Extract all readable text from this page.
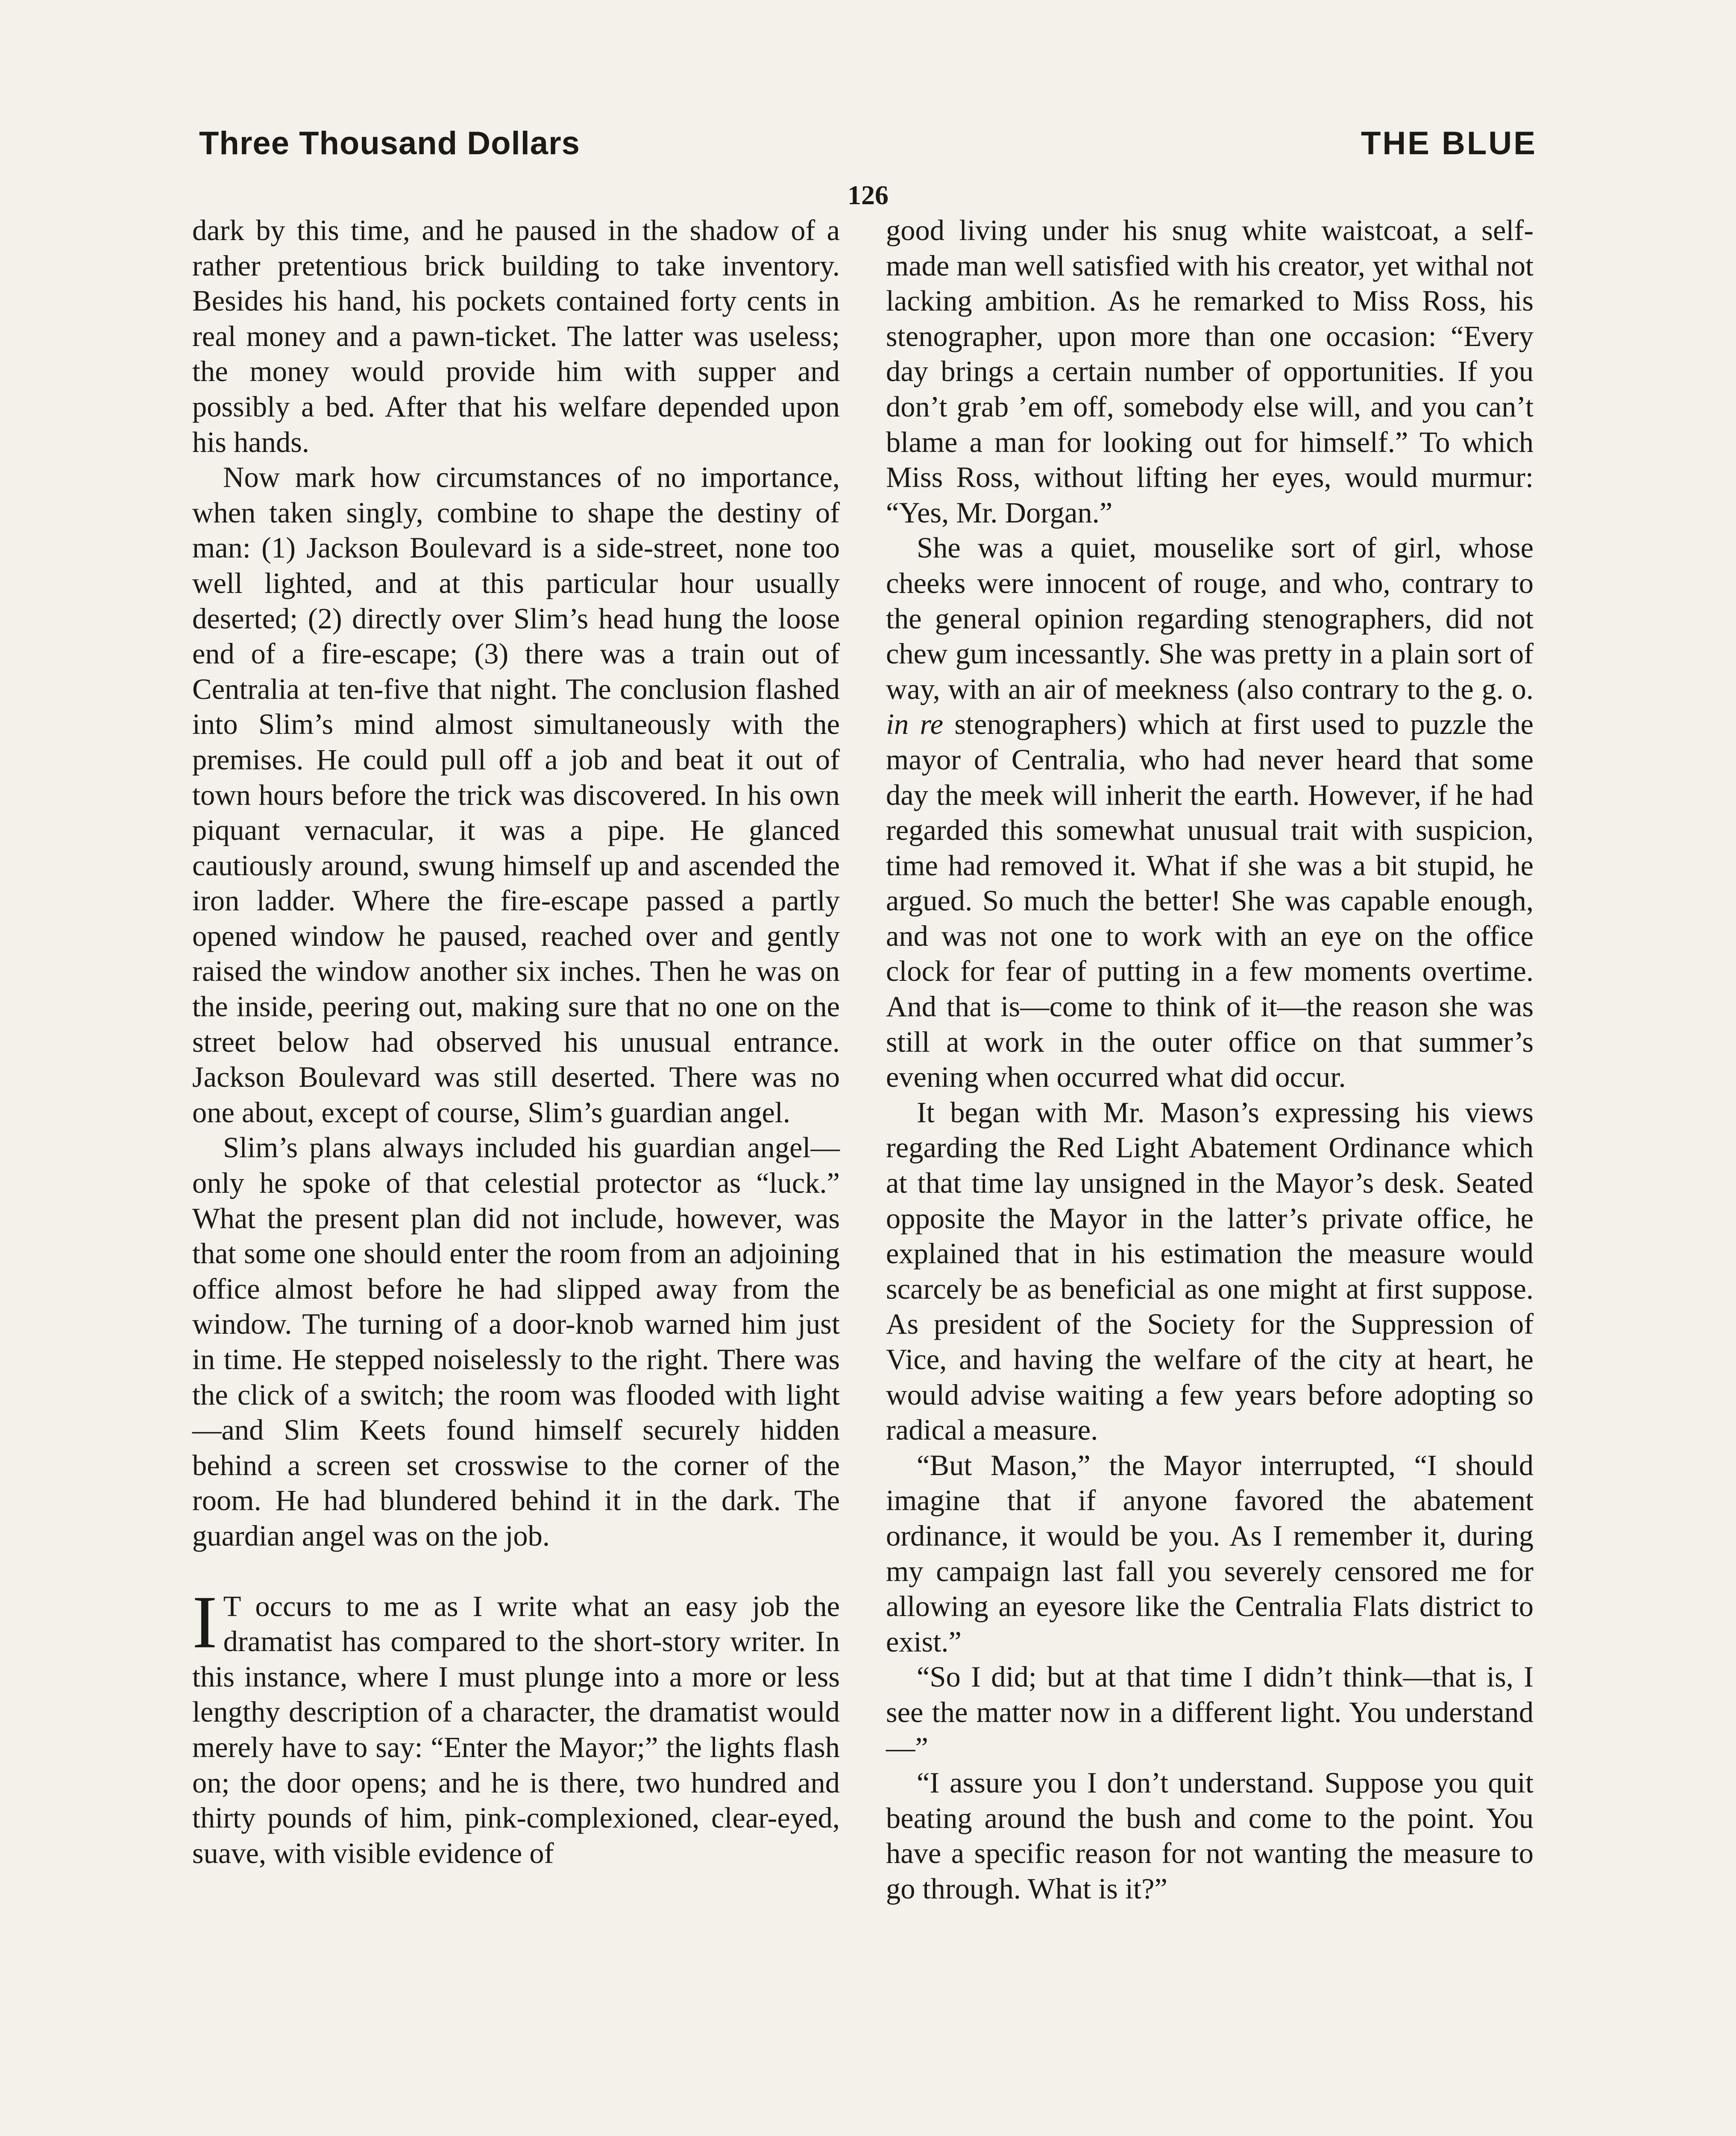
Three Thousand Dollars	THE BLUE
126

dark by this time, and he paused in the shadow of a rather pretentious brick building to take inventory. Besides his hand, his pockets contained forty cents in real money and a pawn-ticket. The latter was useless; the money would provide him with supper and possibly a bed. After that his welfare depended upon his hands.

Now mark how circumstances of no importance, when taken singly, combine to shape the destiny of man: (1) Jackson Boulevard is a side-street, none too well lighted, and at this particular hour usually deserted; (2) directly over Slim’s head hung the loose end of a fire-escape; (3) there was a train out of Centralia at ten-five that night. The conclusion flashed into Slim’s mind almost simultaneously with the premises. He could pull off a job and beat it out of town hours before the trick was discovered. In his own piquant vernacular, it was a pipe. He glanced cautiously around, swung himself up and ascended the iron ladder. Where the fire-escape passed a partly opened window he paused, reached over and gently raised the window another six inches. Then he was on the inside, peering out, making sure that no one on the street below had observed his unusual entrance. Jackson Boulevard was still deserted. There was no one about, except of course, Slim’s guardian angel.

Slim’s plans always included his guardian angel—only he spoke of that celestial protector as “luck.” What the present plan did not include, however, was that some one should enter the room from an adjoining office almost before he had slipped away from the window. The turning of a door-knob warned him just in time. He stepped noiselessly to the right. There was the click of a switch; the room was flooded with light—and Slim Keets found himself securely hidden behind a screen set crosswise to the corner of the room. He had blundered behind it in the dark. The guardian angel was on the job.

I T occurs to me as I write what an easy job the dramatist has compared to the short-story writer. In this instance, where I must plunge into a more or less lengthy description of a character, the dramatist would merely have to say: “Enter the Mayor;” the lights flash on; the door opens; and he is there, two hundred and thirty pounds of him, pink-complexioned, clear-eyed, suave, with visible evidence of

good living under his snug white waistcoat, a self-made man well satisfied with his creator, yet withal not lacking ambition. As he remarked to Miss Ross, his stenographer, upon more than one occasion: “Every day brings a certain number of opportunities. If you don’t grab ’em off, somebody else will, and you can’t blame a man for looking out for himself.” To which Miss Ross, without lifting her eyes, would murmur: “Yes, Mr. Dorgan.”

She was a quiet, mouselike sort of girl, whose cheeks were innocent of rouge, and who, contrary to the general opinion regarding stenographers, did not chew gum incessantly. She was pretty in a plain sort of way, with an air of meekness (also contrary to the g. o. in re stenographers) which at first used to puzzle the mayor of Centralia, who had never heard that some day the meek will inherit the earth. However, if he had regarded this somewhat unusual trait with suspicion, time had removed it. What if she was a bit stupid, he argued. So much the better! She was capable enough, and was not one to work with an eye on the office clock for fear of putting in a few moments overtime. And that is—come to think of it—the reason she was still at work in the outer office on that summer’s evening when occurred what did occur.

It began with Mr. Mason’s expressing his views regarding the Red Light Abatement Ordinance which at that time lay unsigned in the Mayor’s desk. Seated opposite the Mayor in the latter’s private office, he explained that in his estimation the measure would scarcely be as beneficial as one might at first suppose. As president of the Society for the Suppression of Vice, and having the welfare of the city at heart, he would advise waiting a few years before adopting so radical a measure.

“But Mason,” the Mayor interrupted, “I should imagine that if anyone favored the abatement ordinance, it would be you. As I remember it, during my campaign last fall you severely censored me for allowing an eyesore like the Centralia Flats district to exist.”

“So I did; but at that time I didn’t think—that is, I see the matter now in a different light. You understand—”

“I assure you I don’t understand. Suppose you quit beating around the bush and come to the point. You have a specific reason for not wanting the measure to go through. What is it?”
